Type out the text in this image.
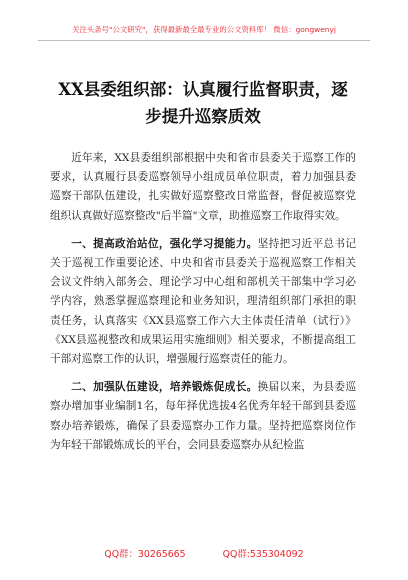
关注头条号"公文研究"，获得最新最全最专业的公文资料库！ 微信：gongwenyj
XX县委组织部：认真履行监督职责，逐步提升巡察质效

近年来，XX县委组织部根据中央和省市县委关于巡察工作的要求，认真履行县委巡察领导小组成员单位职责，着力加强县委巡察干部队伍建设，扎实做好巡察整改日常监督，督促被巡察党组织认真做好巡察整改"后半篇"文章，助推巡察工作取得实效。

一、提高政治站位，强化学习提能力。坚持把习近平总书记关于巡视工作重要论述、中央和省市县委关于巡视巡察工作相关会议文件纳入部务会、理论学习中心组和部机关干部集中学习必学内容，熟悉掌握巡察理论和业务知识，理清组织部门承担的职责任务，认真落实《XX县巡察工作六大主体责任清单（试行）》《XX县巡视整改和成果运用实施细则》相关要求，不断提高组工干部对巡察工作的认识，增强履行巡察责任的能力。

二、加强队伍建设，培养锻炼促成长。换届以来，为县委巡察办增加事业编制1名，每年择优选拔4名优秀年轻干部到县委巡察办培养锻炼，确保了县委巡察办工作力量。坚持把巡察岗位作为年轻干部锻炼成长的平台，会同县委巡察办从纪检监

QQ群：30265665	QQ群:535304092
